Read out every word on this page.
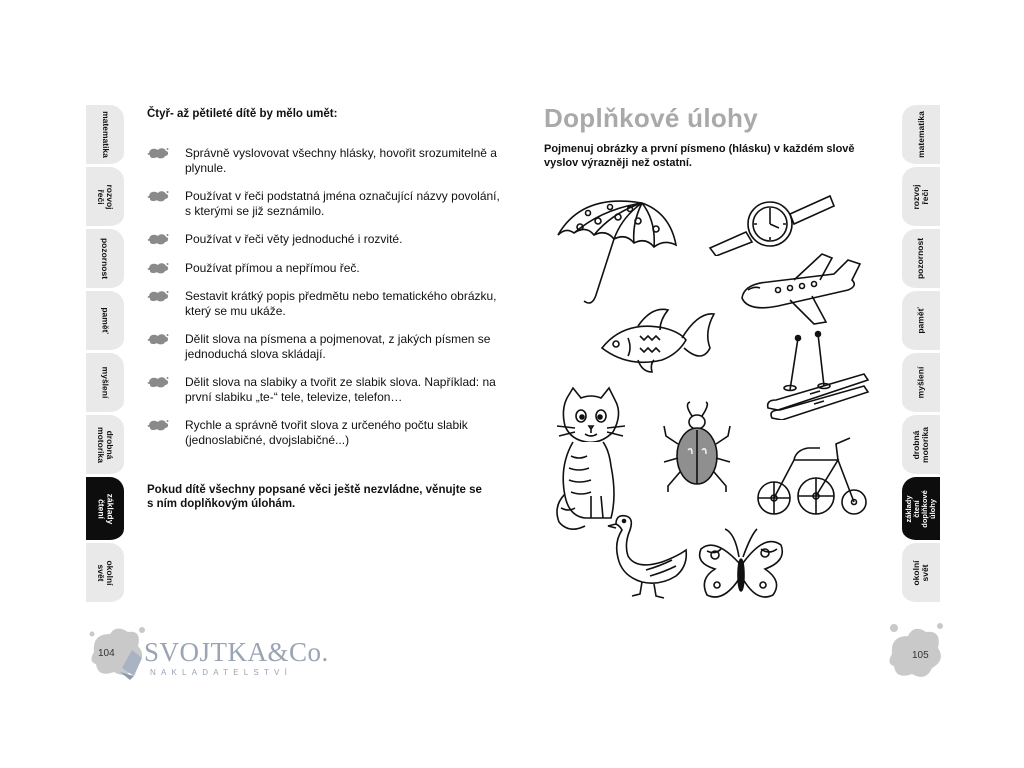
matematika
rozvoj řeči
pozornost
paměť
myšlení
drobná
motorika
základy
čtení
okolní svět
matematika
rozvoj řeči
pozornost
paměť
myšlení
drobná
motorika
základy
čtení
doplňkové
úlohy
okolní svět
Čtyř- až pětileté dítě by mělo umět:
Správně vyslovovat všechny hlásky, hovořit srozumitelně a plynule.
Používat v řeči podstatná jména označující názvy povolání, s kterými se již seznámilo.
Používat v řeči věty jednoduché i rozvité.
Používat přímou a nepřímou řeč.
Sestavit krátký popis předmětu nebo tematického obrázku, který se mu ukáže.
Dělit slova na písmena a pojmenovat, z jakých písmen se jednoduchá slova skládají.
Dělit slova na slabiky a tvořit ze slabik slova. Například: na první slabiku „te-“ tele, televize, telefon…
Rychle a správně tvořit slova z určeného počtu slabik (jednoslabičné, dvojslabičné...)
Pokud dítě všechny popsané věci ještě nezvládne, věnujte se s ním doplňkovým úlohám.
Doplňkové úlohy
Pojmenuj obrázky a první písmeno (hlásku) v každém slově vyslov výrazněji než ostatní.
104	105
SVOJTKA&Co.
NAKLADATELSTVÍ
